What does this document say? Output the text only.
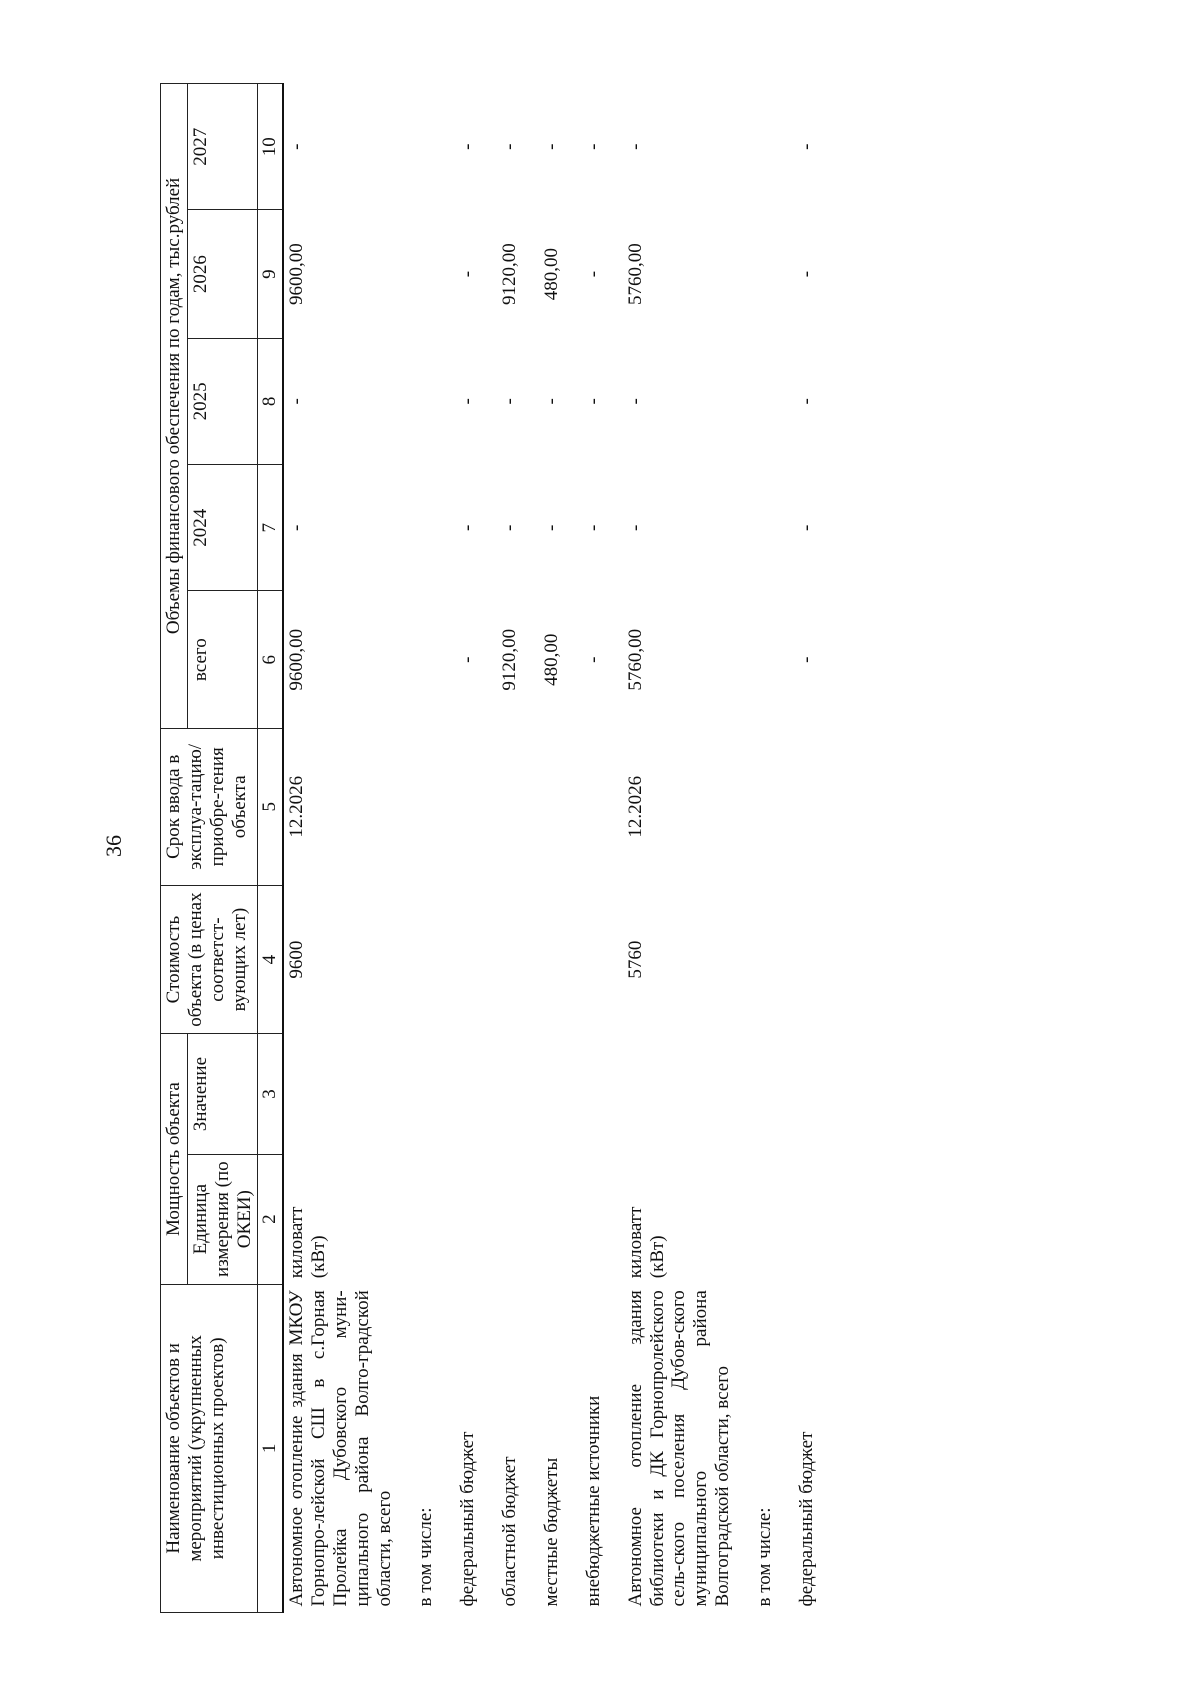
36
Наименование объектов и мероприятий (укрупненных инвестиционных проектов)	Мощность объекта		Стоимость объекта (в ценах соответст-вующих лет)	Срок ввода в эксплуа-тацию/ приобре-тения объекта	Объемы финансового обеспечения по годам, тыс.рублей				
	Единица измерения (по ОКЕИ)	Значение			всего	2024	2025	2026	2027
1	2	3	4	5	6	7	8	9	10
Автономное отопление здания МКОУ Горнопро-лейской СШ в с.Горная Пролейка Дубовского муни-ципального района Волго-градской области, всего	киловатт (кВт)		9600	12.2026	9600,00	-	-	9600,00	-
в том числе:									
федеральный бюджет					-	-	-	-	-
областной бюджет					9120,00	-	-	9120,00	-
местные бюджеты					480,00	-	-	480,00	-
внебюджетные источники					-	-	-	-	-
Автономное отопление здания библиотеки и ДК Горнопролейского сель-ского поселения Дубов-ского муниципального района Волгоградской области, всего	киловатт (кВт)		5760	12.2026	5760,00	-	-	5760,00	-
в том числе:									
федеральный бюджет					-	-	-	-	-
